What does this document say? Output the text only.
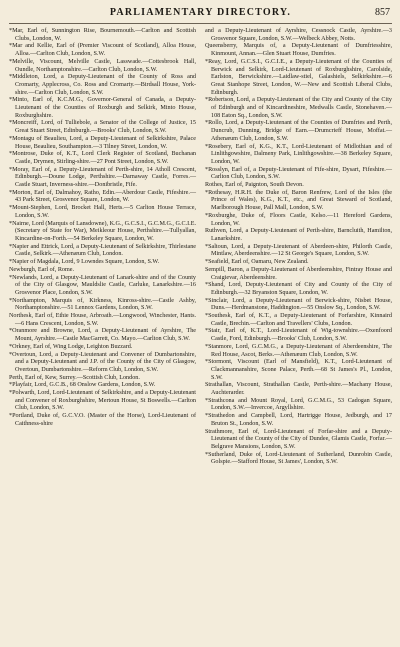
PARLIAMENTARY DIRECTORY.	857

*Mar, Earl of, Sunnington Rise, Bournemouth.—Carlton and Scottish Clubs, London, W.

*Mar and Kellie, Earl of (Premier Viscount of Scotland), Alloa House, Alloa.—Carlton Club, London, S.W.

*Melville, Viscount, Melville Castle, Lasswade.—Cottesbrook Hall, Oundle, Northamptonshire.—Carlton Club, London, S.W.

*Middleton, Lord, a Deputy-Lieutenant of the County of Ross and Cromarty, Applecross, Co. Ross and Cromarty.—Birdsall House, York-shire.—Carlton Club, London, S.W.

*Minto, Earl of, K.C.M.G., Governor-General of Canada, a Deputy-Lieutenant of the Counties of Roxburgh and Selkirk, Minto House, Roxburghshire.

*Moncreiff, Lord, of Tulliebole, a Senator of the College of Justice, 15 Great Stuart Street, Edinburgh.—Brooks' Club, London, S.W.

*Montagu of Beaulieu, Lord, a Deputy-Lieutenant of Selkirkshire, Palace House, Beaulieu, Southampton.—3 Tilney Street, London, W.

*Montrose, Duke of, K.T., Lord Clerk Register of Scotland, Buchanan Castle, Drymen, Stirling-shire.—27 Pont Street, London, S.W.

*Moray, Earl of, a Deputy-Lieutenant of Perth-shire, 14 Atholl Crescent, Edinburgh.—Doune Lodge, Perthshire.—Darnaway Castle, Forres.—Castle Stuart, Inverness-shire.—Donibristle, Fife.

*Morton, Earl of, Dalmahoy, Ratho, Edin.—Aberdour Castle, Fifeshire.—43 Park Street, Grosvenor Square, London, W.

*Mount-Stephen, Lord, Brocket Hall, Herts.—5 Carlton House Terrace, London, S.W.

*Nairne, Lord (Marquis of Lansdowne), K.G., G.C.S.I., G.C.M.G., G.C.I.E. (Secretary of State for War), Meikleour House, Perthshire.—Tullyallan, Kincardine-on-Forth.—54 Berkeley Square, London, W.

*Napier and Ettrick, Lord, a Deputy-Lieutenant of Selkirkshire, Thirlestane Castle, Selkirk.—Athenæum Club, London.

*Napier of Magdala, Lord, 9 Lowndes Square, London, S.W.

Newburgh, Earl of, Rome.

*Newlands, Lord, a Deputy-Lieutenant of Lanark-shire and of the County of the City of Glasgow, Mauldslie Castle, Carluke, Lanarkshire.—16 Grosvenor Place, London, S.W.

*Northampton, Marquis of, Kirkness, Kinross-shire.—Castle Ashby, Northamptonshire.—51 Lennox Gardens, London, S.W.

Northesk, Earl of, Ethie House, Arbroath.—Longwood, Winchester, Hants.—6 Hans Crescent, London, S.W.

*Oranmore and Browne, Lord, a Deputy-Lieutenant of Ayrshire, The Mount, Ayrshire.—Castle MacGarrett, Co. Mayo.—Carlton Club, S.W.

*Orkney, Earl of, Wing Lodge, Leighton Buzzard.

*Overtoun, Lord, a Deputy-Lieutenant and Convener of Dumbartonshire, and a Deputy-Lieutenant and J.P. of the County of the City of Glasgow, Overtoun, Dumbartonshire.—Reform Club, London, S.W.

Perth, Earl of, Kew, Surrey.—Scottish Club, London.

*Playfair, Lord, G.C.B., 68 Onslow Gardens, London, S.W.

*Polwarth, Lord, Lord-Lieutenant of Selkirkshire, and a Deputy-Lieutenant and Convener of Roxburghshire, Mertoun House, St Boswells.—Carlton Club, London, S.W.

*Portland, Duke of, G.C.V.O. (Master of the Horse), Lord-Lieutenant of Caithness-shire

and a Deputy-Lieutenant of Ayrshire, Cessnock Castle, Ayrshire.—3 Grosvenor Square, London, S.W.—Welbeck Abbey, Notts.

Queensberry, Marquis of, a Deputy-Lieutenant of Dumfriesshire, Kinmount, Annan.—Glen Stuart House, Dumfries.

*Reay, Lord, G.C.S.I., G.C.I.E., a Deputy-Lieutenant of the Counties of Berwick and Selkirk, Lord-Lieutenant of Roxburghshire, Carolside, Earlston, Berwickshire.—Laidlaw-stiel, Galashiels, Selkirkshire.—6 Great Stanhope Street, London, W.—New and Scottish Liberal Clubs, Edinburgh.

*Robertson, Lord, a Deputy-Lieutenant of the City and County of the City of Edinburgh and of Kincardineshire, Medwalls Castle, Stonehaven.—108 Eaton Sq., London, S.W.

*Rollo, Lord, a Deputy-Lieutenant of the Counties of Dumfries and Perth, Duncrub, Dunning, Bridge of Earn.—Drumcrieff House, Moffat.—Athenæum Club, London, S.W.

*Rosebery, Earl of, K.G., K.T., Lord-Lieutenant of Midlothian and of Linlithgowshire, Dalmeny Park, Linlithgowshire.—38 Berkeley Square, London, W.

*Rosslyn, Earl of, a Deputy-Lieutenant of Fife-shire, Dysart, Fifeshire.—Carlton Club, London, S.W.

Rothes, Earl of, Paignton, South Devon.

*Rothesay, H.R.H. the Duke of, Baron Renfrew, Lord of the Isles (the Prince of Wales), K.G., K.T., etc., and Great Steward of Scotland, Marlborough House, Pall Mall, London, S.W.

*Roxburghe, Duke of, Floors Castle, Kelso.—11 Hereford Gardens, London, W.

Ruthven, Lord, a Deputy-Lieutenant of Perth-shire, Barncluith, Hamilton, Lanarkshire.

*Saltoun, Lord, a Deputy-Lieutenant of Aberdeen-shire, Philorth Castle, Mintlaw, Aberdeenshire.—12 St George's Square, London, S.W.

*Seafield, Earl of, Oamaru, New Zealand.

Sempill, Baron, a Deputy-Lieutenant of Aberdeenshire, Fintray House and Craigievar, Aberdeenshire.

*Shand, Lord, Deputy-Lieutenant of City and County of the City of Edinburgh.—32 Bryanston Square, London, W.

*Sinclair, Lord, a Deputy-Lieutenant of Berwick-shire, Nisbet House, Duns.—Herdmanstone, Haddington.—55 Onslow Sq., London, S.W.

*Southesk, Earl of, K.T., a Deputy-Lieutenant of Forfarshire, Kinnaird Castle, Brechin.—Carlton and Travellers' Clubs, London.

*Stair, Earl of, K.T., Lord-Lieutenant of Wig-townshire.—Oxenfoord Castle, Ford, Edinburgh.—Brooks' Club, London, S.W.

*Stanmore, Lord, G.C.M.G., a Deputy-Lieutenant of Aberdeenshire, The Red House, Ascot, Berks.—Athenæum Club, London, S.W.

*Stormont, Viscount (Earl of Mansfield), K.T., Lord-Lieutenant of Clackmannanshire, Scone Palace, Perth.—68 St James's Pl., London, S.W.

Strathallan, Viscount, Strathallan Castle, Perth-shire.—Machany House, Auchterarder.

*Strathcona and Mount Royal, Lord, G.C.M.G., 53 Cadogan Square, London, S.W.—Invercoe, Argyllshire.

*Strathedon and Campbell, Lord, Hartrigge House, Jedburgh, and 17 Bruton St., London, S.W.

Strathmore, Earl of, Lord-Lieutenant of Forfar-shire and a Deputy-Lieutenant of the County of the City of Dundee, Glamis Castle, Forfar.—Belgrave Mansions, London, S.W.

*Sutherland, Duke of, Lord-Lieutenant of Sutherland, Dunrobin Castle, Golspie.—Stafford House, St James', London, S.W.
